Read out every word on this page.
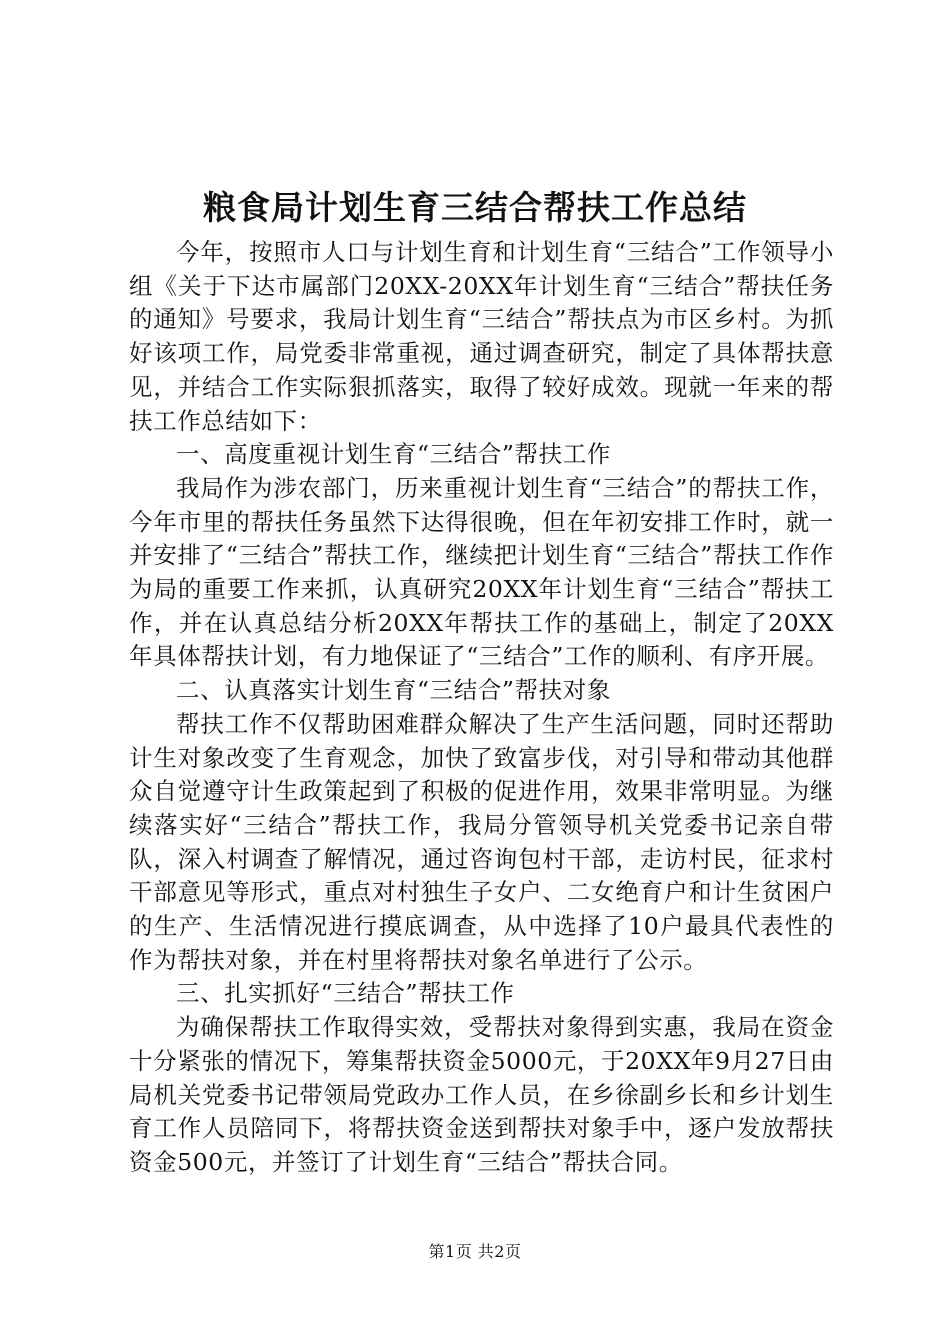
粮食局计划生育三结合帮扶工作总结

今年，按照市人口与计划生育和计划生育“三结合”工作领导小组《关于下达市属部门20XX-20XX年计划生育“三结合”帮扶任务的通知》号要求，我局计划生育“三结合”帮扶点为市区乡村。为抓好该项工作，局党委非常重视，通过调查研究，制定了具体帮扶意见，并结合工作实际狠抓落实，取得了较好成效。现就一年来的帮扶工作总结如下：

一、高度重视计划生育“三结合”帮扶工作

我局作为涉农部门，历来重视计划生育“三结合”的帮扶工作，今年市里的帮扶任务虽然下达得很晚，但在年初安排工作时，就一并安排了“三结合”帮扶工作，继续把计划生育“三结合”帮扶工作作为局的重要工作来抓，认真研究20XX年计划生育“三结合”帮扶工作，并在认真总结分析20XX年帮扶工作的基础上，制定了20XX年具体帮扶计划，有力地保证了“三结合”工作的顺利、有序开展。

二、认真落实计划生育“三结合”帮扶对象

帮扶工作不仅帮助困难群众解决了生产生活问题，同时还帮助计生对象改变了生育观念，加快了致富步伐，对引导和带动其他群众自觉遵守计生政策起到了积极的促进作用，效果非常明显。为继续落实好“三结合”帮扶工作，我局分管领导机关党委书记亲自带队，深入村调查了解情况，通过咨询包村干部，走访村民，征求村干部意见等形式，重点对村独生子女户、二女绝育户和计生贫困户的生产、生活情况进行摸底调查，从中选择了10户最具代表性的作为帮扶对象，并在村里将帮扶对象名单进行了公示。

三、扎实抓好“三结合”帮扶工作

为确保帮扶工作取得实效，受帮扶对象得到实惠，我局在资金十分紧张的情况下，筹集帮扶资金5000元，于20XX年9月27日由局机关党委书记带领局党政办工作人员，在乡徐副乡长和乡计划生育工作人员陪同下，将帮扶资金送到帮扶对象手中，逐户发放帮扶资金500元，并签订了计划生育“三结合”帮扶合同。

第1页 共2页
